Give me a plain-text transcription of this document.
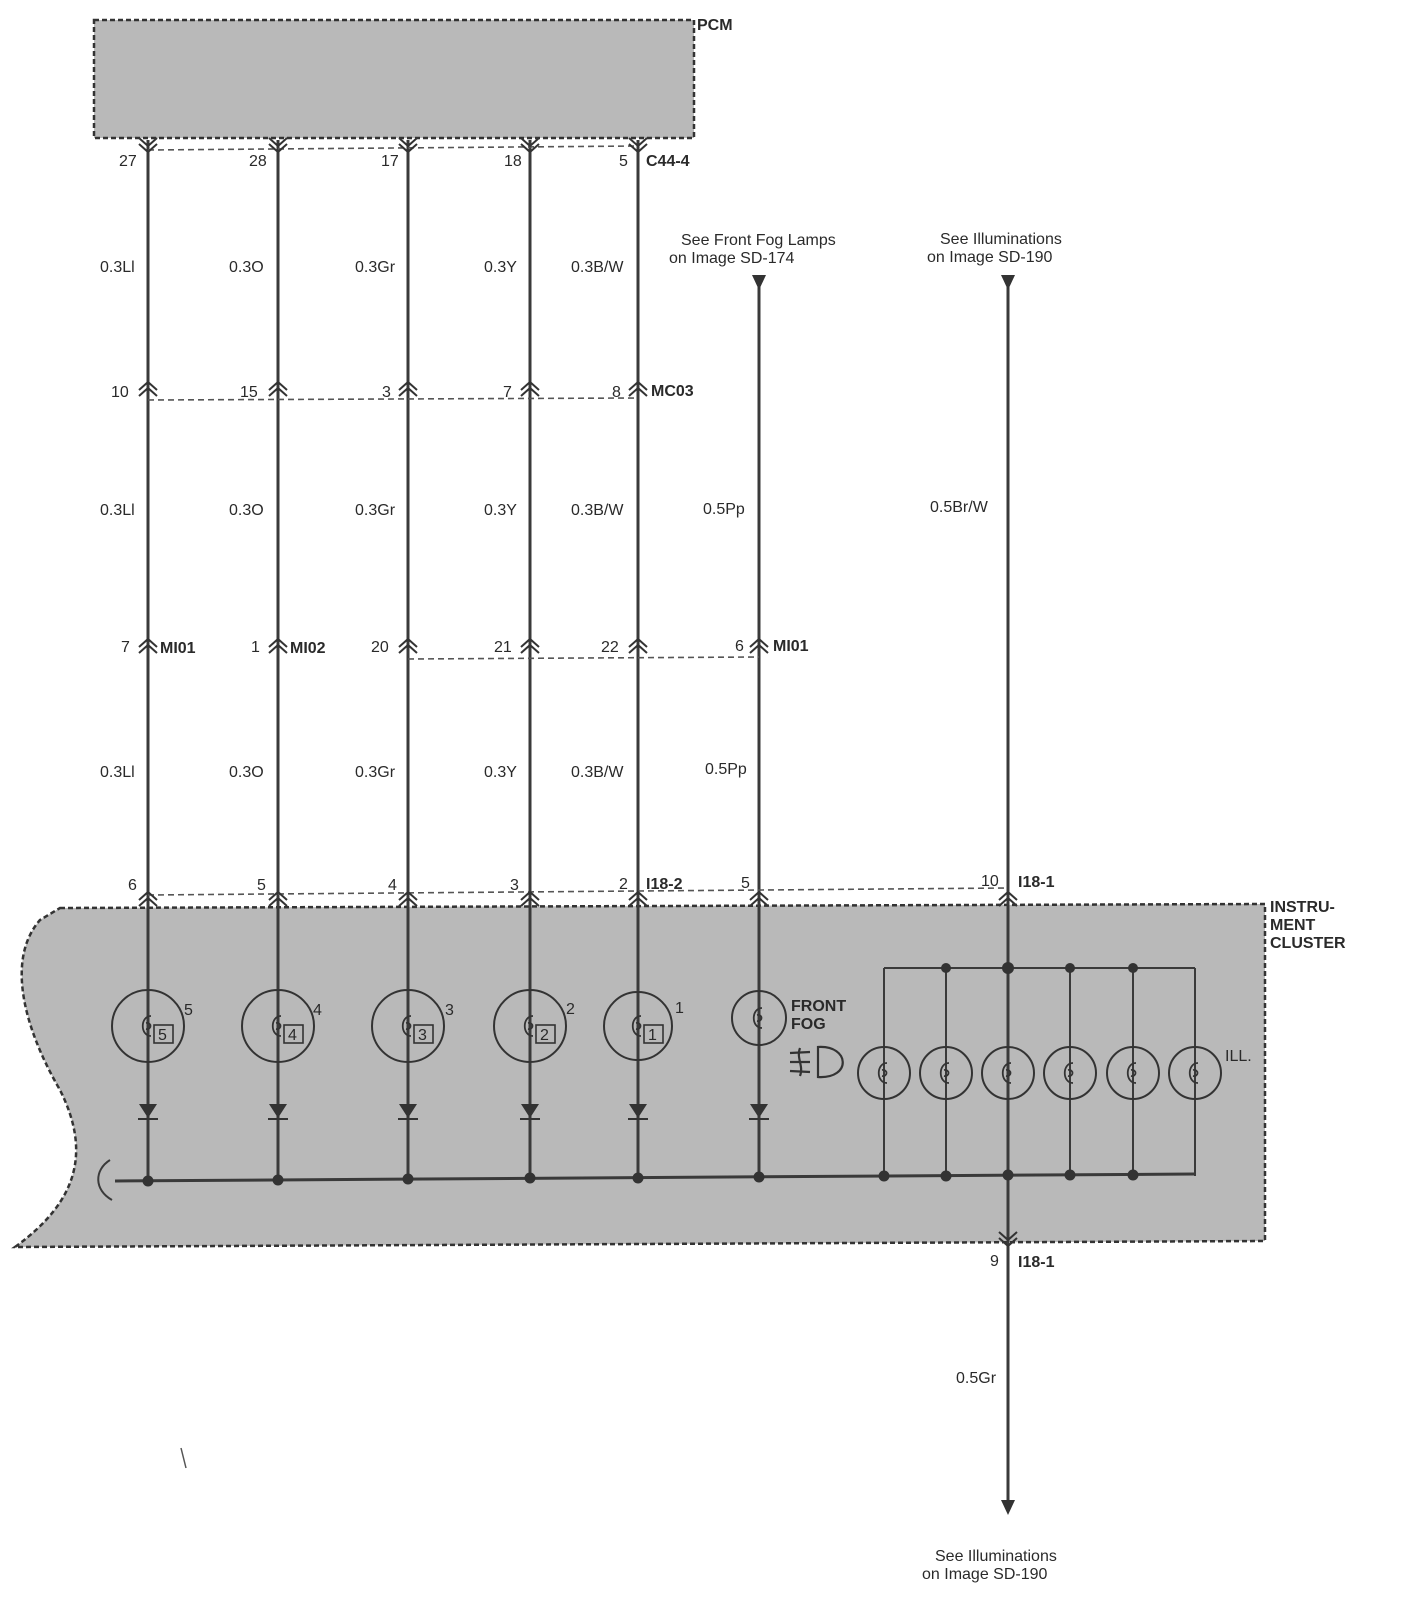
PCM
INSTRU-
MENT
CLUSTER
27	28	17	18	5 C44-4
0.3Ll	0.3O	0.3Gr	0.3Y	0.3B/W
See Front Fog Lamps
on Image SD-174
See Illuminations
on Image SD-190
10	15	3	7	8 MC03
0.3Ll	0.3O	0.3Gr	0.3Y	0.3B/W	0.5Pp	0.5Br/W
7 MI01	1 MI02	20	21	22	6 MI01
0.3Ll	0.3O	0.3Gr	0.3Y	0.3B/W	0.5Pp
6	5	4	3	2 I18-2	5	10 I18-1
5	4	3	2	1
5	4	3	2	1	FRONT
FOG
ILL.
9 I18-1
0.5Gr
See Illuminations
on Image SD-190
